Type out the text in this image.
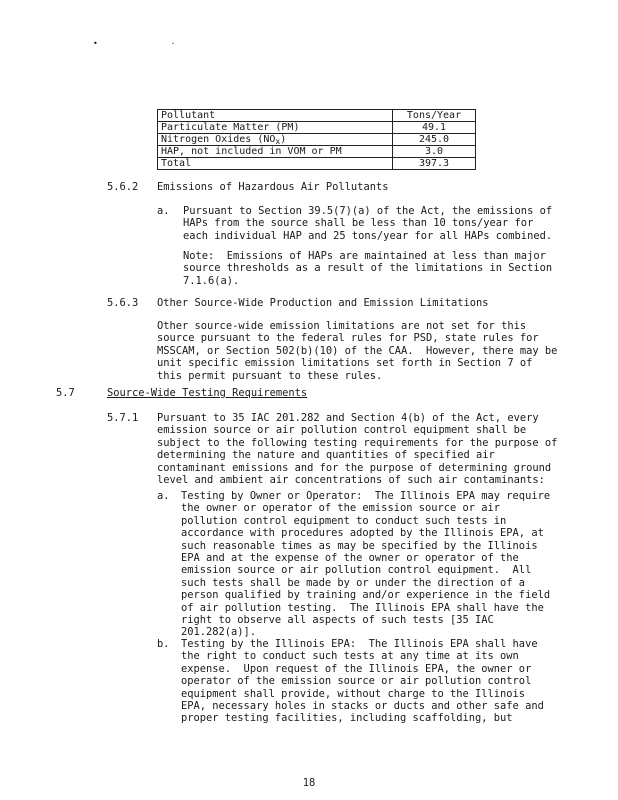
• ·
Pollutant	Tons/Year
Particulate Matter (PM)	49.1
Nitrogen Oxides $(NO_x)$	245.0
HAP, not included in VOM or PM	3.0
Total	397.3
5.6.2 Emissions of Hazardous Air Pollutants
a. Pursuant to Section 39.5(7)(a) of the Act, the emissions of
HAPs from the source shall be less than 10 tons/year for
each individual HAP and 25 tons/year for all HAPs combined.
Note:  Emissions of HAPs are maintained at less than major
source thresholds as a result of the limitations in Section
7.1.6(a).
5.6.3 Other Source-Wide Production and Emission Limitations
Other source-wide emission limitations are not set for this
source pursuant to the federal rules for PSD, state rules for
MSSCAM, or Section 502(b)(10) of the CAA.  However, there may be
unit specific emission limitations set forth in Section 7 of
this permit pursuant to these rules.
5.7	Source-Wide Testing Requirements
5.7.1 Pursuant to 35 IAC 201.282 and Section 4(b) of the Act, every
emission source or air pollution control equipment shall be
subject to the following testing requirements for the purpose of
determining the nature and quantities of specified air
contaminant emissions and for the purpose of determining ground
level and ambient air concentrations of such air contaminants:
a. Testing by Owner or Operator:  The Illinois EPA may require
the owner or operator of the emission source or air
pollution control equipment to conduct such tests in
accordance with procedures adopted by the Illinois EPA, at
such reasonable times as may be specified by the Illinois
EPA and at the expense of the owner or operator of the
emission source or air pollution control equipment.  All
such tests shall be made by or under the direction of a
person qualified by training and/or experience in the field
of air pollution testing.  The Illinois EPA shall have the
right to observe all aspects of such tests [35 IAC
201.282(a)].
b. Testing by the Illinois EPA:  The Illinois EPA shall have
the right to conduct such tests at any time at its own
expense.  Upon request of the Illinois EPA, the owner or
operator of the emission source or air pollution control
equipment shall provide, without charge to the Illinois
EPA, necessary holes in stacks or ducts and other safe and
proper testing facilities, including scaffolding, but
18
